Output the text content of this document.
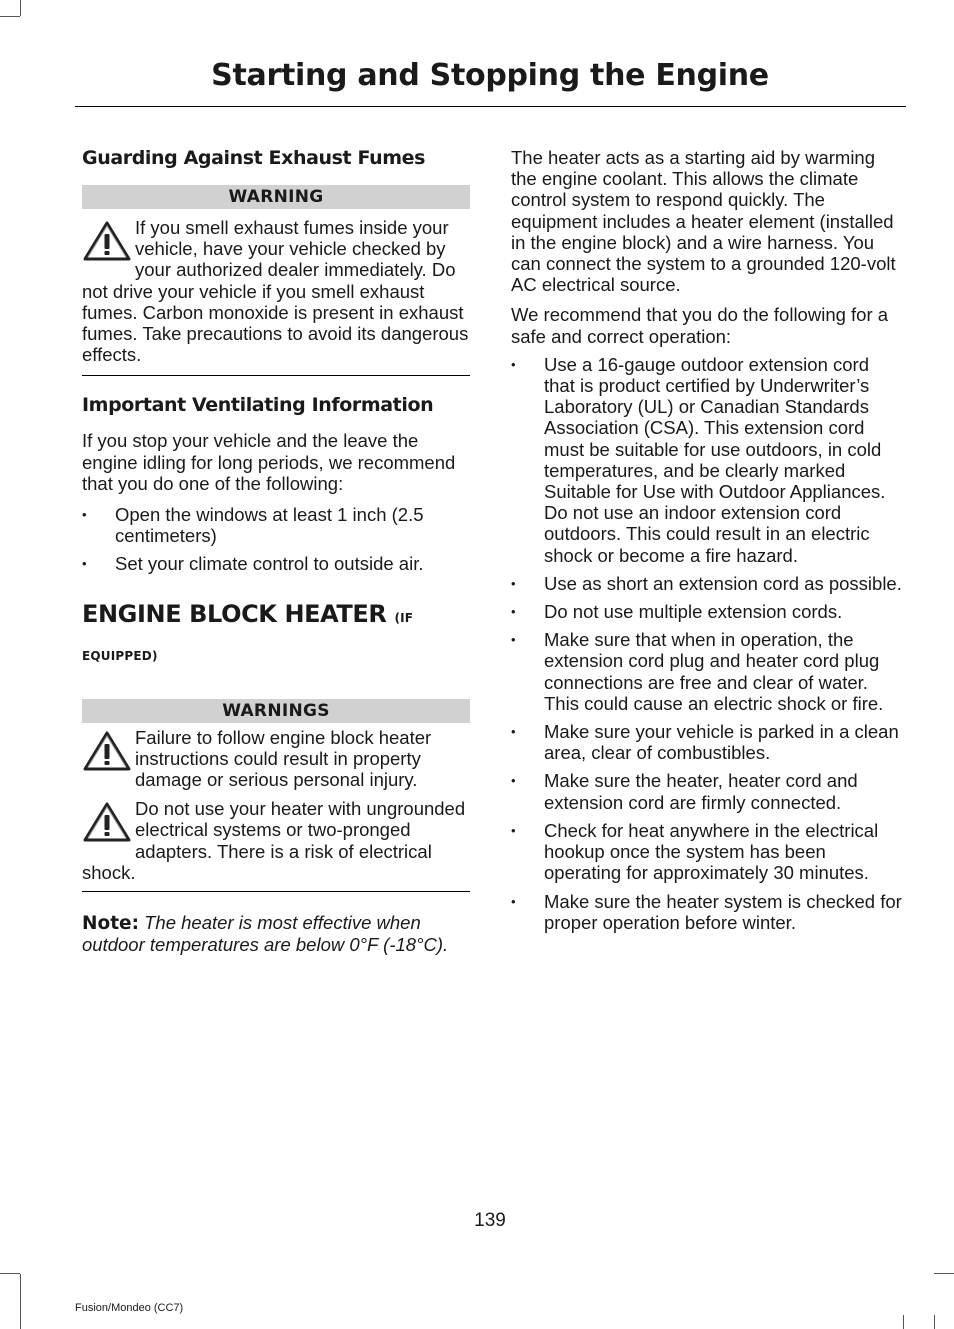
Starting and Stopping the Engine
Guarding Against Exhaust Fumes
WARNING
If you smell exhaust fumes inside your vehicle, have your vehicle checked by your authorized dealer immediately. Do not drive your vehicle if you smell exhaust fumes. Carbon monoxide is present in exhaust fumes. Take precautions to avoid its dangerous effects.
Important Ventilating Information
If you stop your vehicle and the leave the engine idling for long periods, we recommend that you do one of the following:
• Open the windows at least 1 inch (2.5 centimeters)
• Set your climate control to outside air.
ENGINE BLOCK HEATER (IF EQUIPPED)
WARNINGS
Failure to follow engine block heater instructions could result in property damage or serious personal injury.
Do not use your heater with ungrounded electrical systems or two-pronged adapters. There is a risk of electrical shock.
Note: The heater is most effective when outdoor temperatures are below 0°F (-18°C).
The heater acts as a starting aid by warming the engine coolant. This allows the climate control system to respond quickly. The equipment includes a heater element (installed in the engine block) and a wire harness. You can connect the system to a grounded 120-volt AC electrical source.
We recommend that you do the following for a safe and correct operation:
• Use a 16-gauge outdoor extension cord that is product certified by Underwriter’s Laboratory (UL) or Canadian Standards Association (CSA). This extension cord must be suitable for use outdoors, in cold temperatures, and be clearly marked Suitable for Use with Outdoor Appliances. Do not use an indoor extension cord outdoors. This could result in an electric shock or become a fire hazard.
• Use as short an extension cord as possible.
• Do not use multiple extension cords.
• Make sure that when in operation, the extension cord plug and heater cord plug connections are free and clear of water. This could cause an electric shock or fire.
• Make sure your vehicle is parked in a clean area, clear of combustibles.
• Make sure the heater, heater cord and extension cord are firmly connected.
• Check for heat anywhere in the electrical hookup once the system has been operating for approximately 30 minutes.
• Make sure the heater system is checked for proper operation before winter.
139
Fusion/Mondeo (CC7)
